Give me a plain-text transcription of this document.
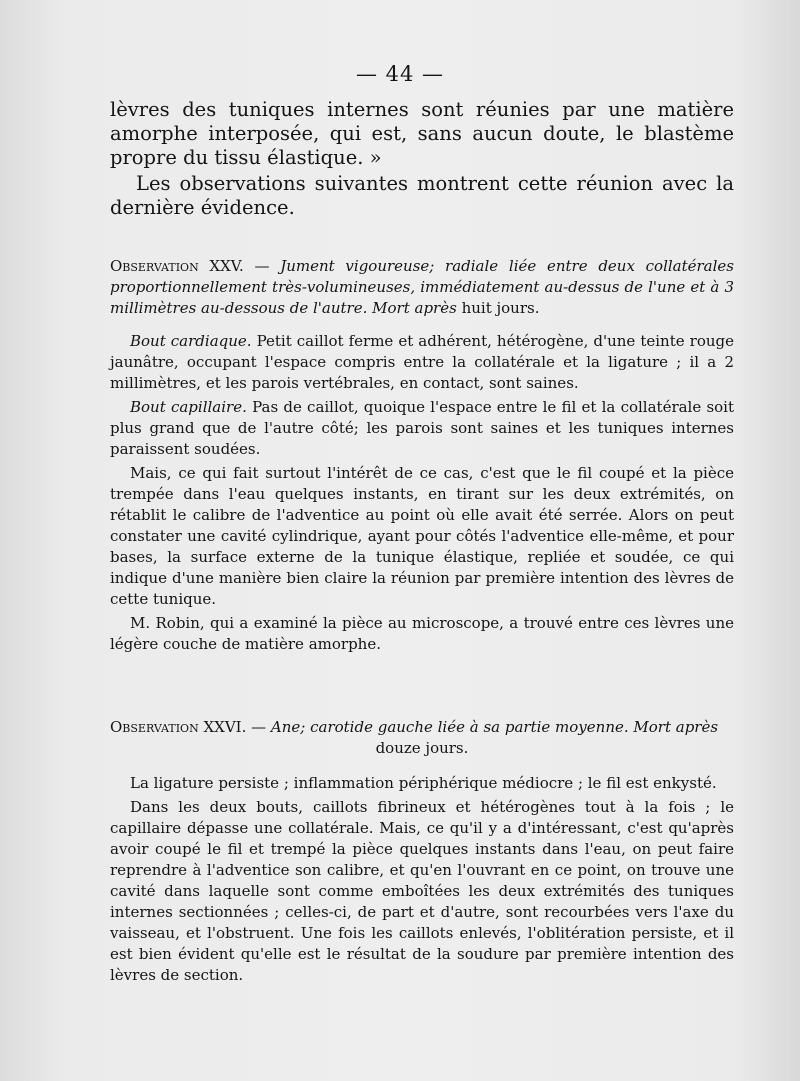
— 44 —

lèvres des tuniques internes sont réunies par une matière amorphe interposée, qui est, sans aucun doute, le blastème propre du tissu élastique. »

Les observations suivantes montrent cette réunion avec la dernière évidence.

Observation XXV. — Jument vigoureuse; radiale liée entre deux collatérales proportionnellement très-volumineuses, immédiatement au-dessus de l'une et à 3 millimètres au-dessous de l'autre. Mort après huit jours.

Bout cardiaque. Petit caillot ferme et adhérent, hétérogène, d'une teinte rouge jaunâtre, occupant l'espace compris entre la collatérale et la ligature ; il a 2 millimètres, et les parois vertébrales, en contact, sont saines.

Bout capillaire. Pas de caillot, quoique l'espace entre le fil et la collatérale soit plus grand que de l'autre côté; les parois sont saines et les tuniques internes paraissent soudées.

Mais, ce qui fait surtout l'intérêt de ce cas, c'est que le fil coupé et la pièce trempée dans l'eau quelques instants, en tirant sur les deux extrémités, on rétablit le calibre de l'adventice au point où elle avait été serrée. Alors on peut constater une cavité cylindrique, ayant pour côtés l'adventice elle-même, et pour bases, la surface externe de la tunique élastique, repliée et soudée, ce qui indique d'une manière bien claire la réunion par première intention des lèvres de cette tunique.

M. Robin, qui a examiné la pièce au microscope, a trouvé entre ces lèvres une légère couche de matière amorphe.

Observation XXVI. — Ane; carotide gauche liée à sa partie moyenne. Mort après
douze jours.

La ligature persiste ; inflammation périphérique médiocre ; le fil est enkysté.

Dans les deux bouts, caillots fibrineux et hétérogènes tout à la fois ; le capillaire dépasse une collatérale. Mais, ce qu'il y a d'intéressant, c'est qu'après avoir coupé le fil et trempé la pièce quelques instants dans l'eau, on peut faire reprendre à l'adventice son calibre, et qu'en l'ouvrant en ce point, on trouve une cavité dans laquelle sont comme emboîtées les deux extrémités des tuniques internes sectionnées ; celles-ci, de part et d'autre, sont recourbées vers l'axe du vaisseau, et l'obstruent. Une fois les caillots enlevés, l'oblitération persiste, et il est bien évident qu'elle est le résultat de la soudure par première intention des lèvres de section.
